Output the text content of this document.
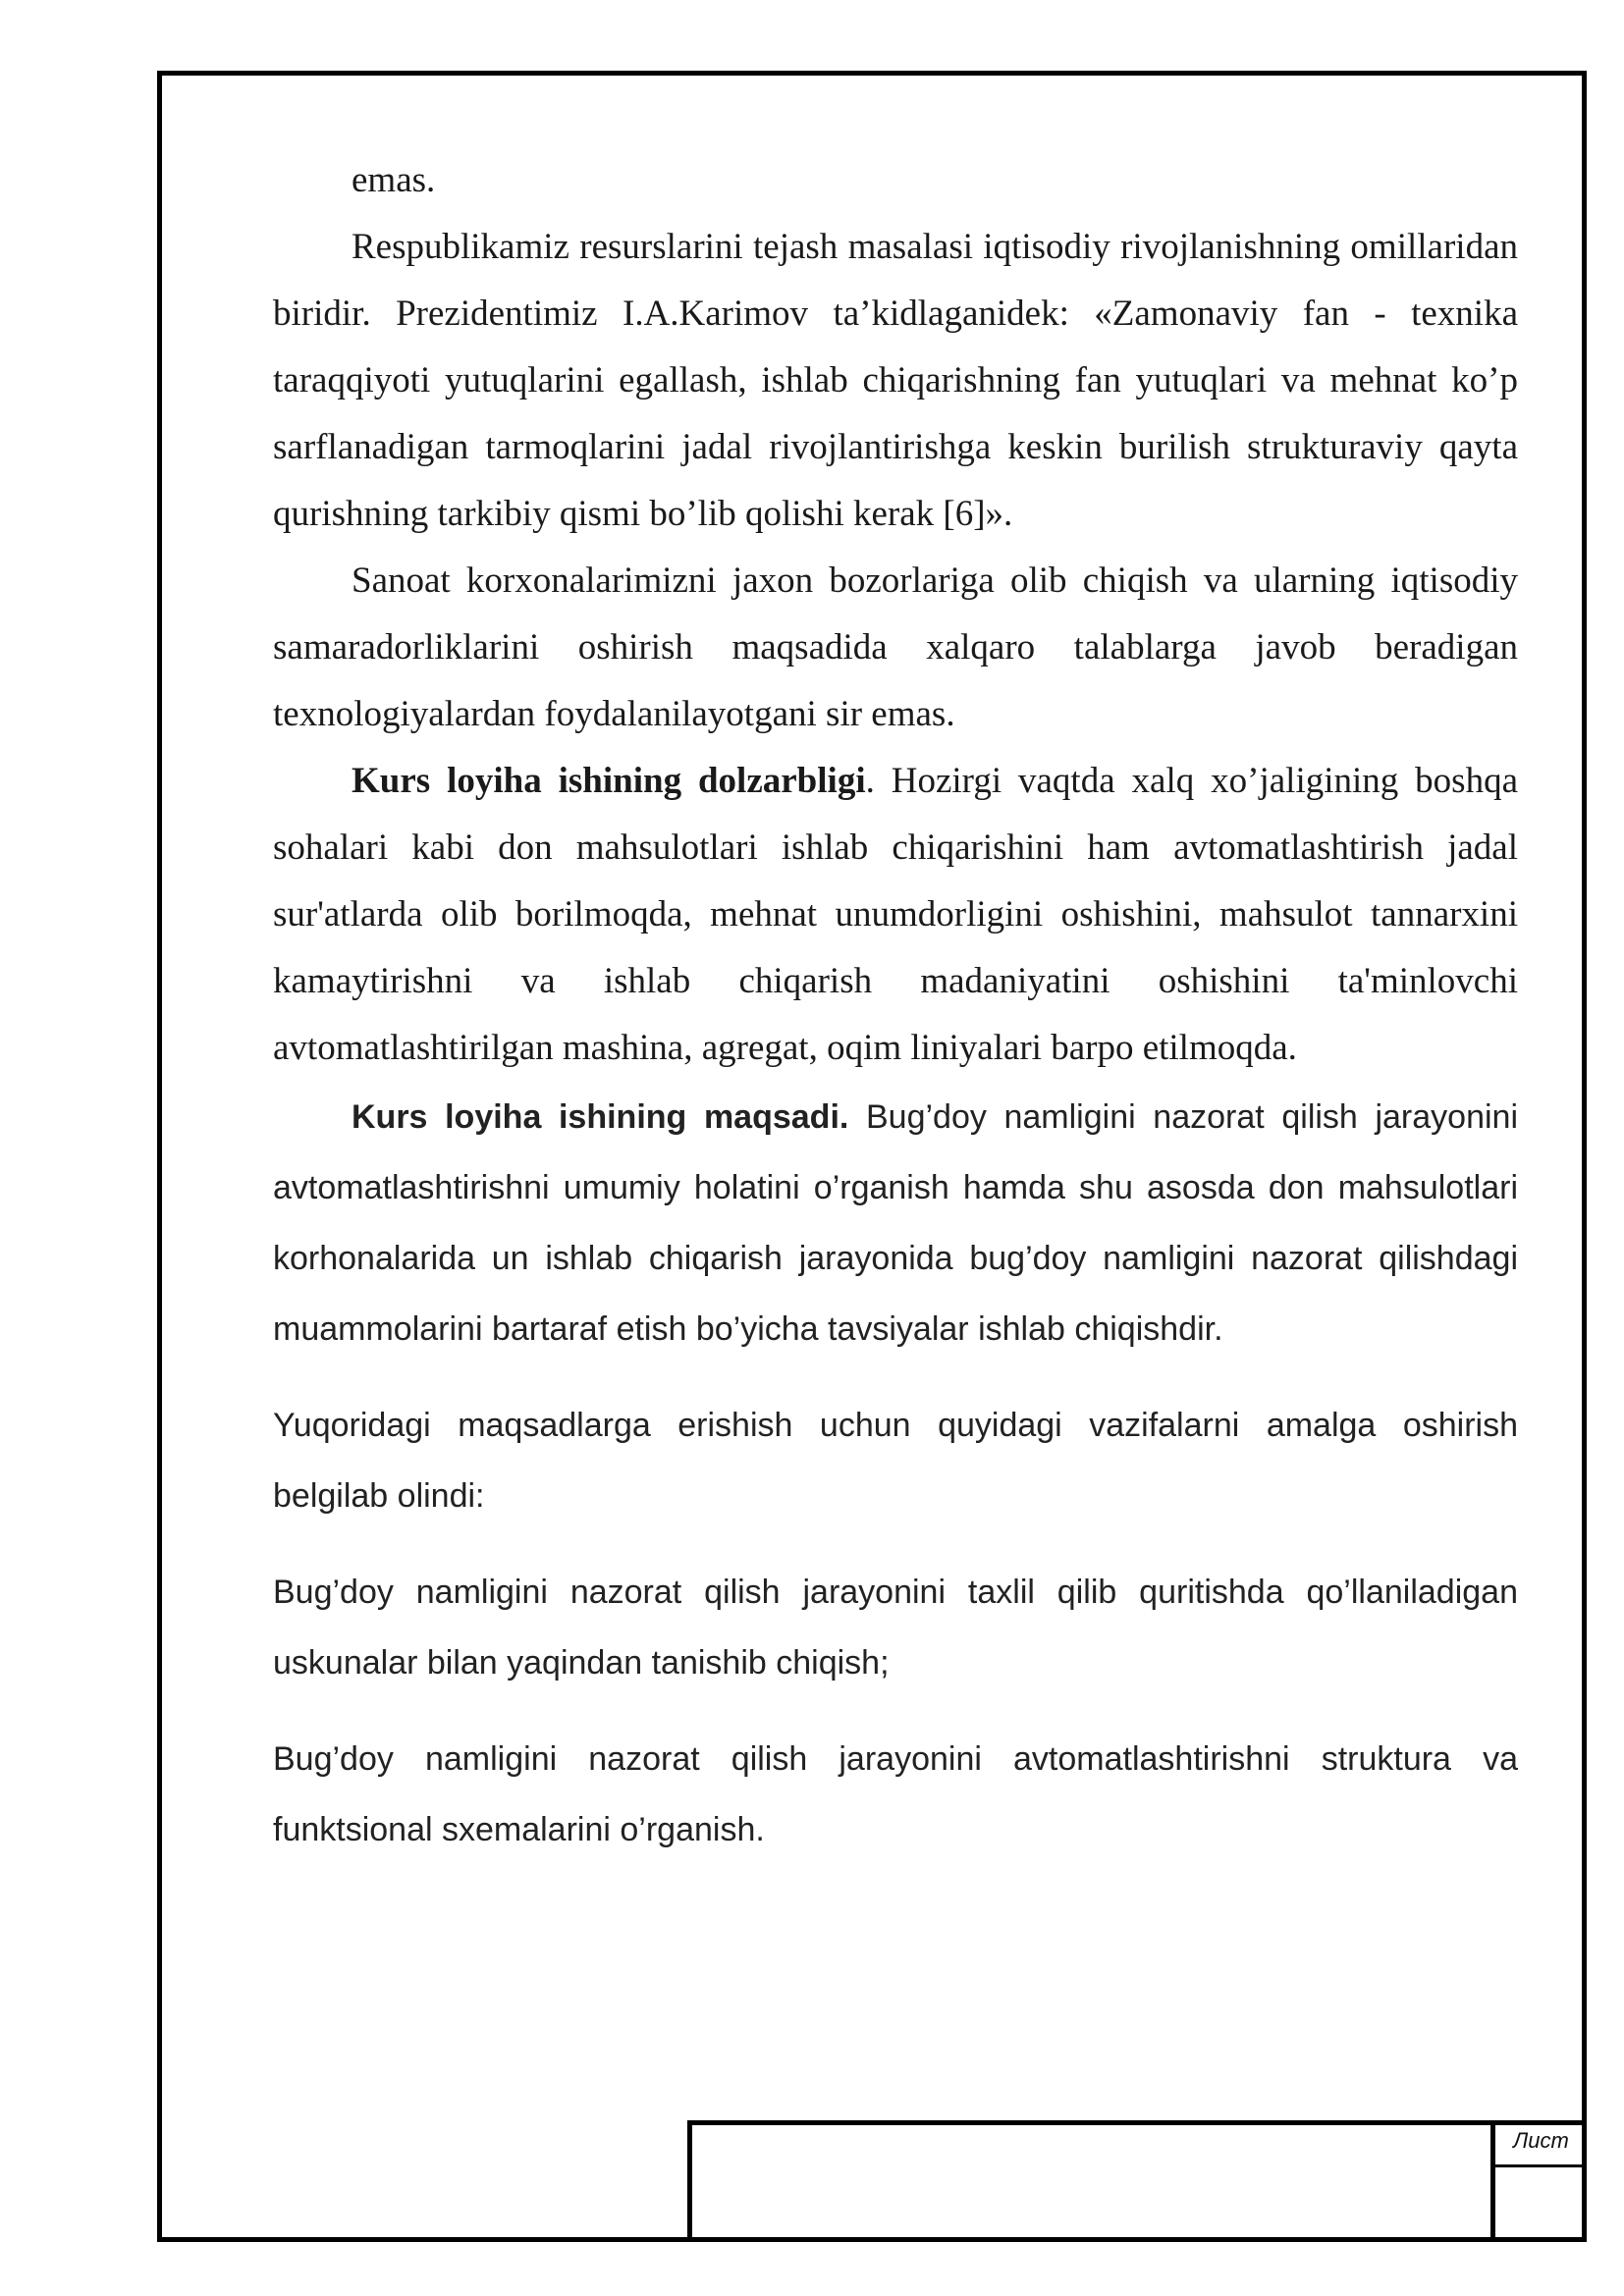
emas.

Respublikamiz resurslarini tejash masalasi iqtisodiy rivojlanishning omillaridan biridir. Prezidentimiz I.A.Karimov ta’kidlaganidek: «Zamonaviy fan - texnika taraqqiyoti yutuqlarini egallash, ishlab chiqarishning fan yutuqlari va mehnat ko’p sarflanadigan tarmoqlarini jadal rivojlantirishga keskin burilish strukturaviy qayta qurishning tarkibiy qismi bo’lib qolishi kerak [6]».

Sanoat korxonalarimizni jaxon bozorlariga olib chiqish va ularning iqtisodiy samaradorliklarini oshirish maqsadida xalqaro talablarga javob beradigan texnologiyalardan foydalanilayotgani sir emas.

Kurs loyiha ishining dolzarbligi. Hozirgi vaqtda xalq xo’jaligining boshqa sohalari kabi don mahsulotlari ishlab chiqarishini ham avtomatlashtirish jadal sur'atlarda olib borilmoqda, mehnat unumdorligini oshishini, mahsulot tannarxini kamaytirishni va ishlab chiqarish madaniyatini oshishini ta'minlovchi avtomatlashtirilgan mashina, agregat, oqim liniyalari barpo etilmoqda.

Kurs loyiha ishining maqsadi. Bug’doy namligini nazorat qilish jarayonini avtomatlashtirishni umumiy holatini o’rganish hamda shu asosda don mahsulotlari korhonalarida un ishlab chiqarish jarayonida bug’doy namligini nazorat qilishdagi muammolarini bartaraf etish bo’yicha tavsiyalar ishlab chiqishdir.

Yuqoridagi maqsadlarga erishish uchun quyidagi vazifalarni amalga oshirish belgilab olindi:

Bug’doy namligini nazorat qilish jarayonini taxlil qilib quritishda qo’llaniladigan uskunalar bilan yaqindan tanishib chiqish;

Bug’doy namligini nazorat qilish jarayonini avtomatlashtirishni struktura va funktsional sxemalarini o’rganish.

Лист
